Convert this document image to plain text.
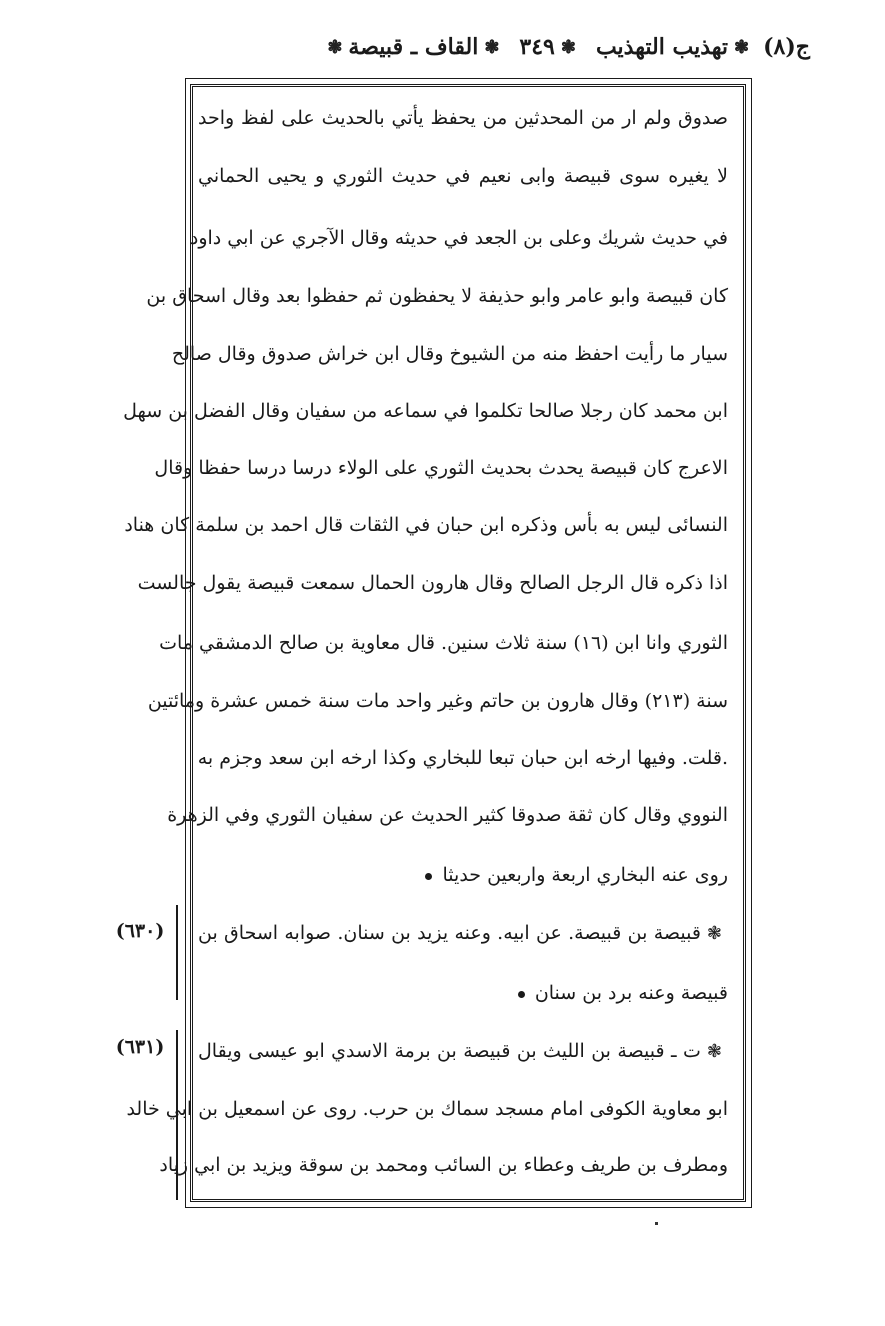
ج(٨)
❃
تهذيب التهذيب
❃
٣٤٩
❃
القاف ـ قبيصة
❃
صدوق ولم ار من المحدثين من يحفظ يأتي بالحديث على لفظ واحد
لا يغيره سوى قبيصة وابى نعيم في حديث الثوري و يحيى الحماني
في حديث شريك وعلى بن الجعد في حديثه وقال الآجري عن ابي داود
كان قبيصة وابو عامر وابو حذيفة لا يحفظون ثم حفظوا بعد وقال اسحاق بن
سيار ما رأيت احفظ منه من الشيوخ وقال ابن خراش صدوق وقال صالح
ابن محمد كان رجلا صالحا تكلموا في سماعه من سفيان وقال الفضل بن سهل
الاعرج كان قبيصة يحدث بحديث الثوري على الولاء درسا درسا حفظا وقال
النسائى ليس به بأس وذكره ابن حبان في الثقات قال احمد بن سلمة كان هناد
اذا ذكره قال الرجل الصالح وقال هارون الحمال سمعت قبيصة يقول جالست
الثوري وانا ابن (١٦) سنة ثلاث سنين. قال معاوية بن صالح الدمشقي مات
سنة (٢١٣) وقال هارون بن حاتم وغير واحد مات سنة خمس عشرة ومائتين
.قلت. وفيها ارخه ابن حبان تبعا للبخاري وكذا ارخه ابن سعد وجزم به
النووي وقال كان ثقة صدوقا كثير الحديث عن سفيان الثوري وفي الزهرة
روى عنه البخاري اربعة واربعين حديثا
❃قبيصة بن قبيصة. عن ابيه. وعنه يزيد بن سنان. صوابه اسحاق بن
(٦٣٠)
قبيصة وعنه برد بن سنان
❃ت ـ قبيصة بن الليث بن قبيصة بن برمة الاسدي ابو عيسى ويقال
(٦٣١)
ابو معاوية الكوفى امام مسجد سماك بن حرب. روى عن اسمعيل بن ابي خالد
ومطرف بن طريف وعطاء بن السائب ومحمد بن سوقة ويزيد بن ابي زياد
